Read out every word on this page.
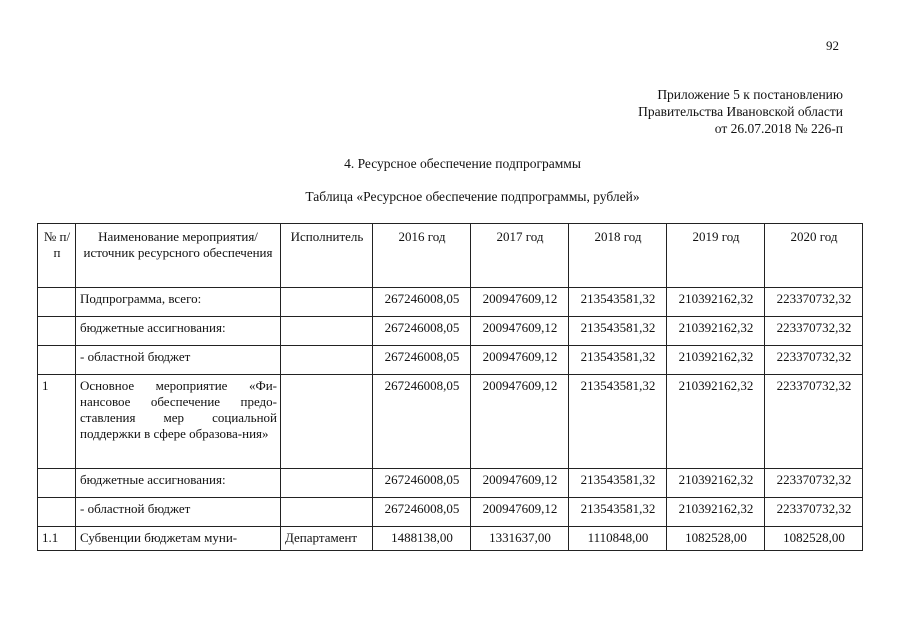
92
Приложение 5 к постановлению
Правительства Ивановской области
от 26.07.2018 № 226-п
4. Ресурсное обеспечение подпрограммы
Таблица «Ресурсное обеспечение подпрограммы, рублей»
№ п/п	Наименование мероприятия/источник ресурсного обеспечения	Исполнитель	2016 год	2017 год	2018 год	2019 год	2020 год
	Подпрограмма, всего:		267246008,05	200947609,12	213543581,32	210392162,32	223370732,32
	бюджетные ассигнования:		267246008,05	200947609,12	213543581,32	210392162,32	223370732,32
	- областной бюджет		267246008,05	200947609,12	213543581,32	210392162,32	223370732,32
1	Основное мероприятие «Фи-нансовое обеспечение предо-ставления мер социальной поддержки в сфере образова-ния»		267246008,05	200947609,12	213543581,32	210392162,32	223370732,32
	бюджетные ассигнования:		267246008,05	200947609,12	213543581,32	210392162,32	223370732,32
	- областной бюджет		267246008,05	200947609,12	213543581,32	210392162,32	223370732,32
1.1	Субвенции бюджетам муни-	Департамент	1488138,00	1331637,00	1110848,00	1082528,00	1082528,00
